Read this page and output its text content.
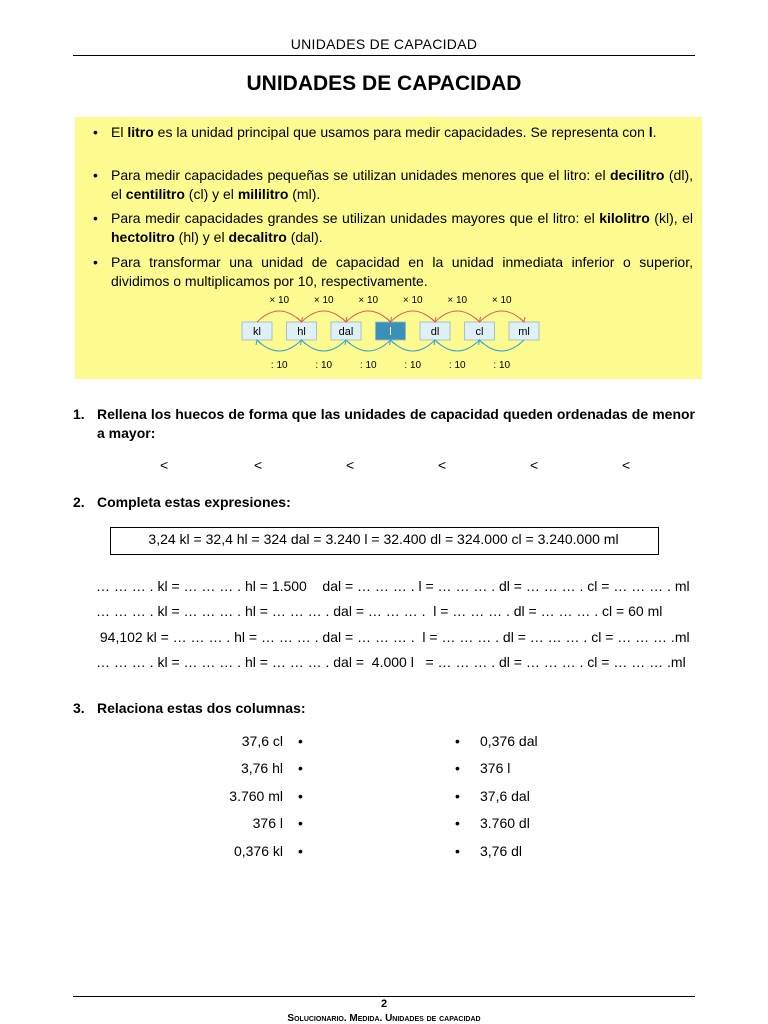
UNIDADES DE CAPACIDAD
UNIDADES DE CAPACIDAD
• El litro es la unidad principal que usamos para medir capacidades. Se representa con l.
• Para medir capacidades pequeñas se utilizan unidades menores que el litro: el decilitro (dl), el centilitro (cl) y el mililitro (ml).
• Para medir capacidades grandes se utilizan unidades mayores que el litro: el kilolitro (kl), el hectolitro (hl) y el decalitro (dal).
• Para transformar una unidad de capacidad en la unidad inmediata inferior o superior, dividimos o multiplicamos por 10, respectivamente.
kl	hl	dal	l	dl	cl	ml
× 10
: 10
× 10
: 10
× 10
: 10
× 10
: 10
× 10
: 10
× 10
: 10
1. Rellena los huecos de forma que las unidades de capacidad queden ordenadas de menor a mayor:
<	<	<	<	<	<
2. Completa estas expresiones:
3,24 kl = 32,4 hl = 324 dal = 3.240 l = 32.400 dl = 324.000 cl = 3.240.000 ml
… … … . kl = … … … . hl = 1.500    dal = … … … . l = … … … . dl = … … … . cl = … … … . ml
… … … . kl = … … … . hl = … … … . dal = … … … .  l = … … … . dl = … … … . cl = 60 ml
94,102 kl = … … … . hl = … … … . dal = … … … .  l = … … … . dl = … … … . cl = … … … .ml
… … … . kl = … … … . hl = … … … . dal =  4.000 l   = … … … . dl = … … … . cl = … … … .ml
3. Relaciona estas dos columnas:
37,6 cl •	• 0,376 dal
3,76 hl •	• 376 l
3.760 ml •	• 37,6 dal
376 l •	• 3.760 dl
0,376 kl •	• 3,76 dl
2
Solucionario. Medida. Unidades de capacidad
